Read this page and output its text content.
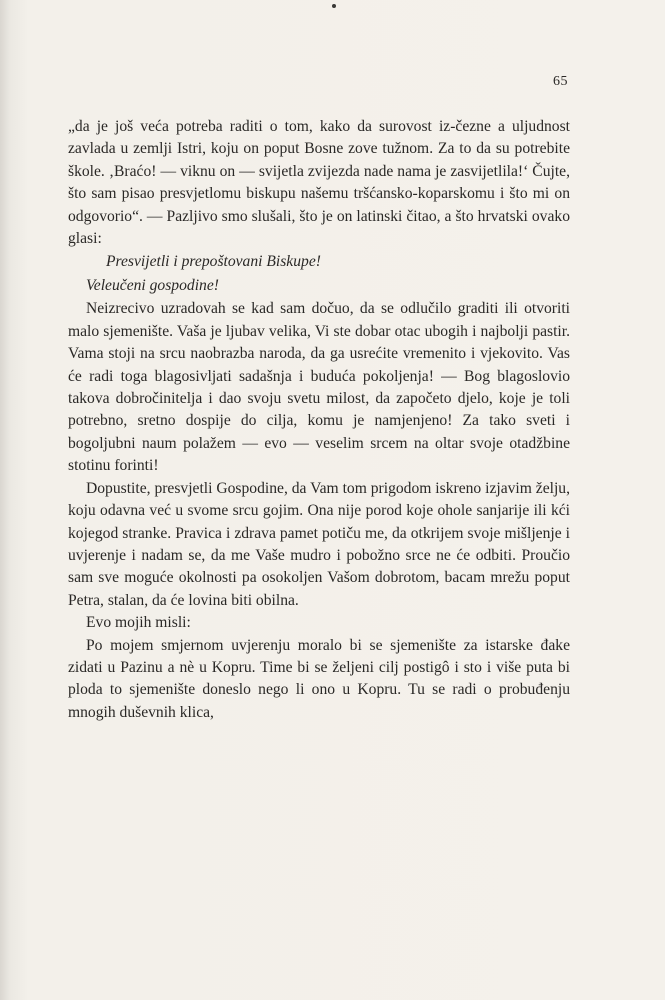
65

„da je još veća potreba raditi o tom, kako da surovost iz-čezne a uljudnost zavlada u zemlji Istri, koju on poput Bosne zove tužnom. Za to da su potrebite škole. ‚Braćo! — viknu on — svijetla zvijezda nade nama je zasvijetlila!‘ Čujte, što sam pisao presvjetlomu biskupu našemu tršćansko-koparskomu i što mi on odgovorio“. — Pazljivo smo slušali, što je on latinski čitao, a što hrvatski ovako glasi:

Presvijetli i prepoštovani Biskupe!

Veleučeni gospodine!

Neizrecivo uzradovah se kad sam dočuo, da se odlučilo graditi ili otvoriti malo sjemenište. Vaša je ljubav velika, Vi ste dobar otac ubogih i najbolji pastir. Vama stoji na srcu naobrazba naroda, da ga usrećite vremenito i vjekovito. Vas će radi toga blagosivljati sadašnja i buduća pokoljenja! — Bog blagoslovio takova dobročinitelja i dao svoju svetu milost, da započeto djelo, koje je toli potrebno, sretno dospije do cilja, komu je namjenjeno! Za tako sveti i bogoljubni naum polažem — evo — veselim srcem na oltar svoje otadžbine stotinu forinti!

Dopustite, presvjetli Gospodine, da Vam tom prigodom iskreno izjavim želju, koju odavna već u svome srcu gojim. Ona nije porod koje ohole sanjarije ili kći kojegod stranke. Pravica i zdrava pamet potiču me, da otkrijem svoje mišljenje i uvjerenje i nadam se, da me Vaše mudro i pobožno srce ne će odbiti. Proučio sam sve moguće okolnosti pa osokoljen Vašom dobrotom, bacam mrežu poput Petra, stalan, da će lovina biti obilna.

Evo mojih misli:

Po mojem smjernom uvjerenju moralo bi se sjemenište za istarske đake zidati u Pazinu a nè u Kopru. Time bi se željeni cilj postigô i sto i više puta bi ploda to sjemenište doneslo nego li ono u Kopru. Tu se radi o probuđenju mnogih duševnih klica,
